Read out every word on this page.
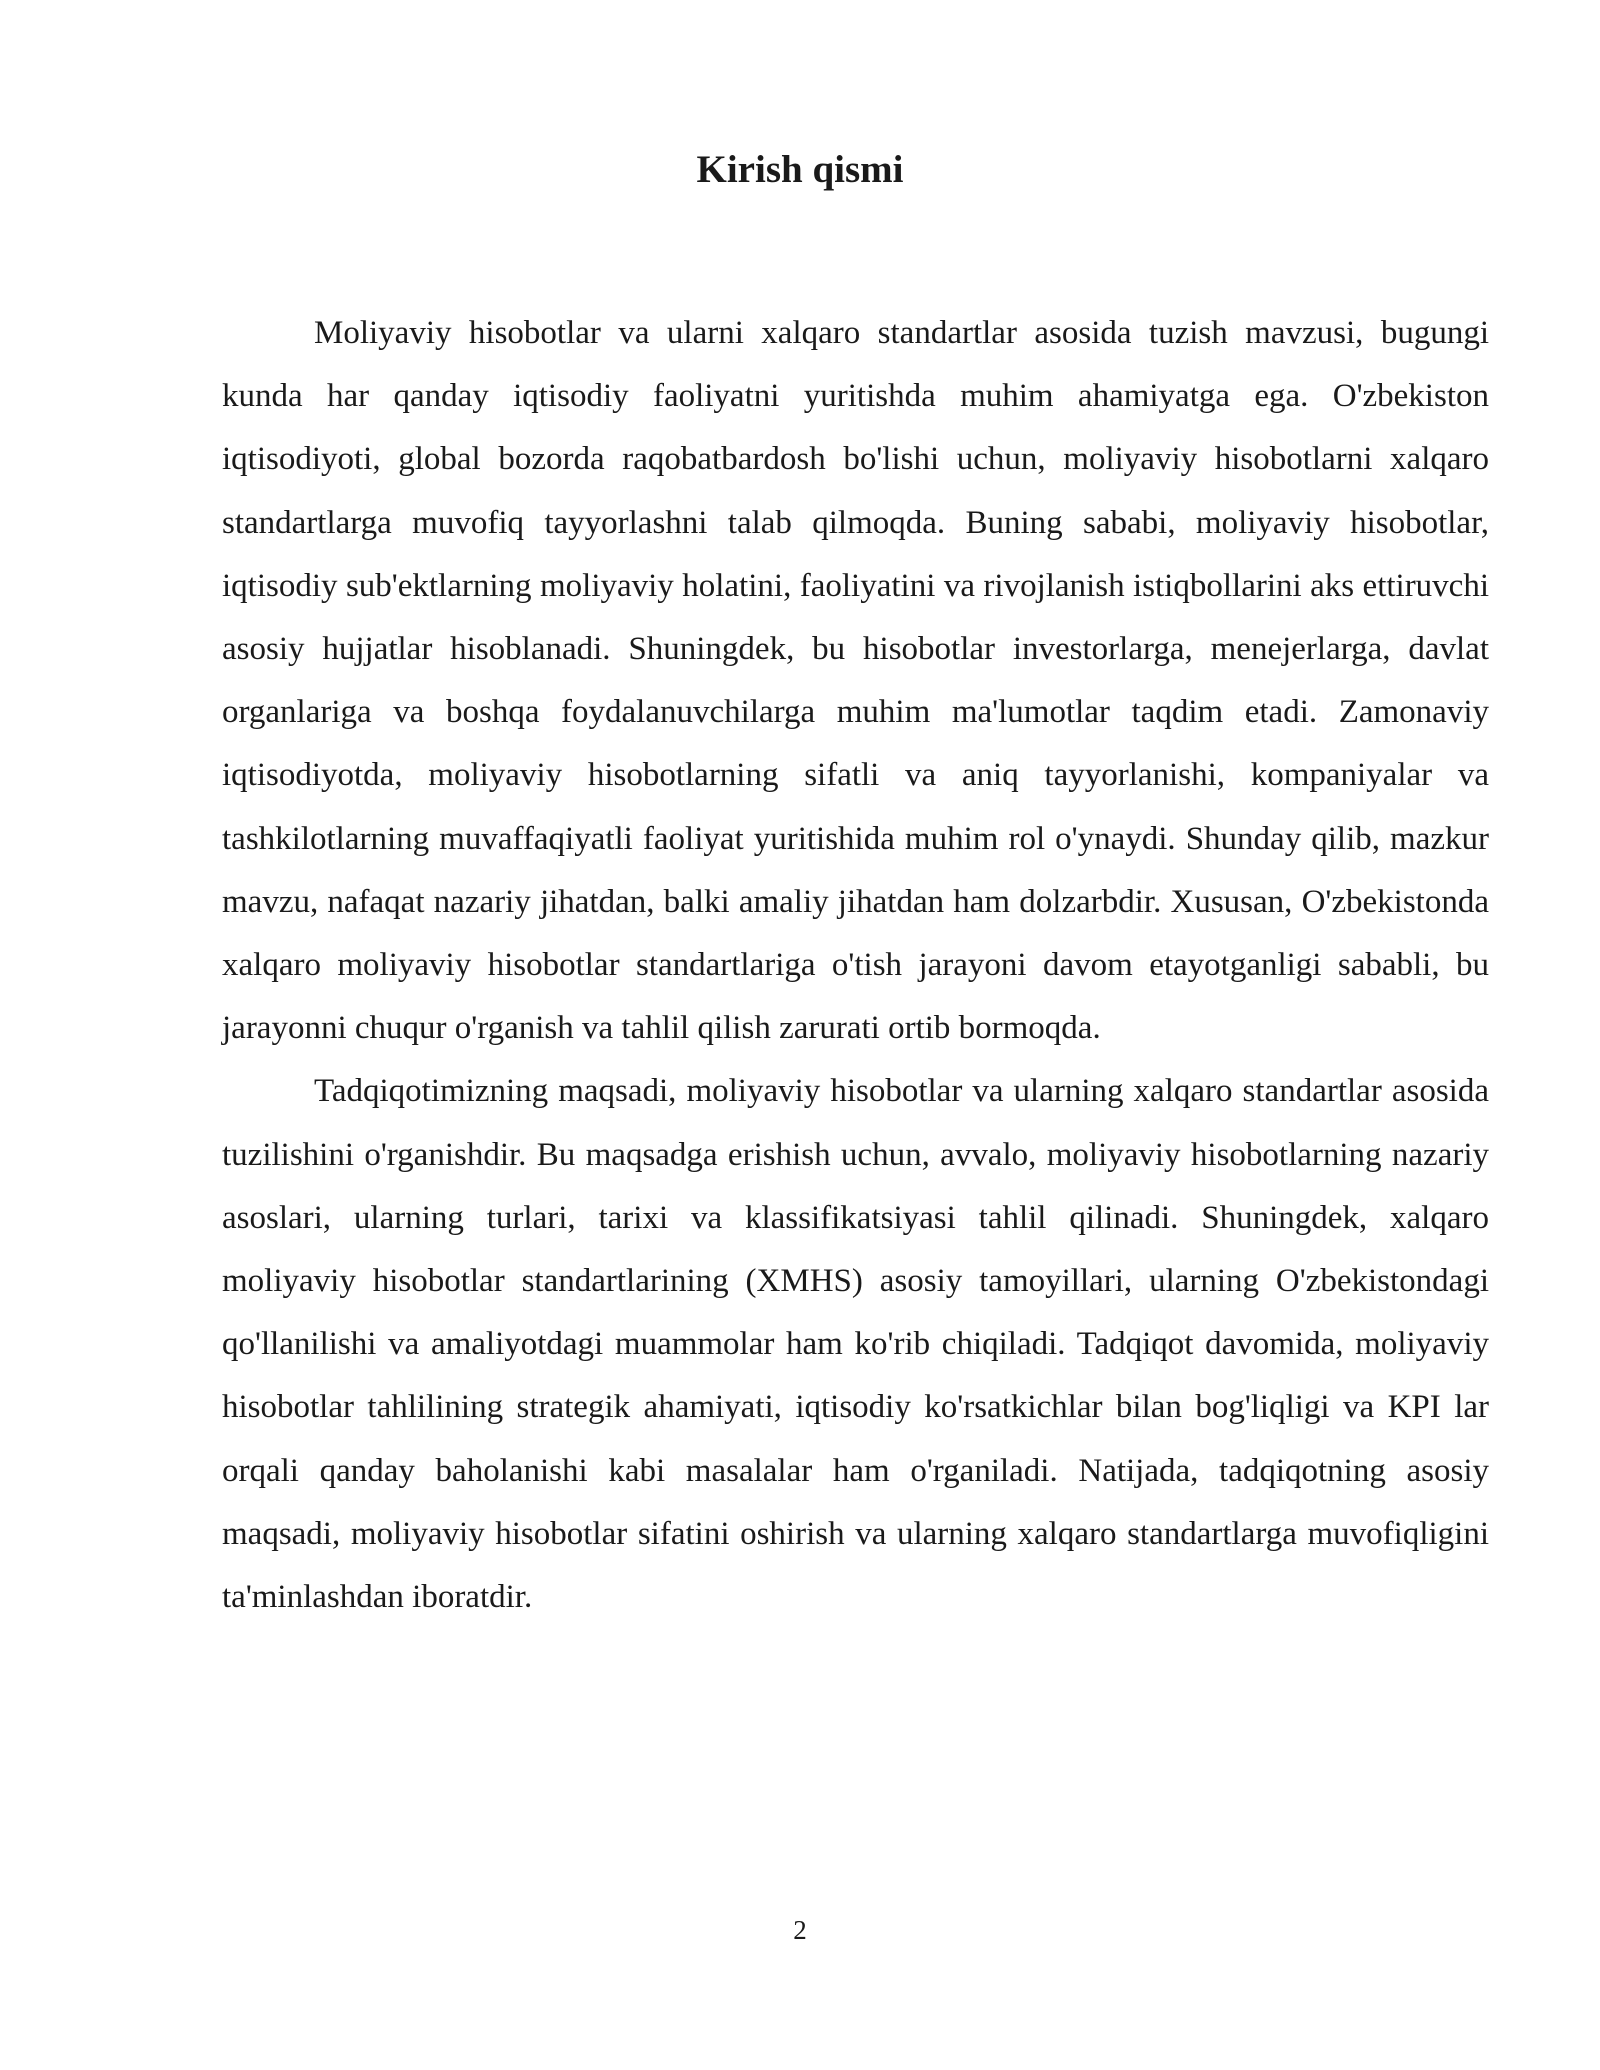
Kirish qismi

Moliyaviy hisobotlar va ularni xalqaro standartlar asosida tuzish mavzusi, bugungi kunda har qanday iqtisodiy faoliyatni yuritishda muhim ahamiyatga ega. O'zbekiston iqtisodiyoti, global bozorda raqobatbardosh bo'lishi uchun, moliyaviy hisobotlarni xalqaro standartlarga muvofiq tayyorlashni talab qilmoqda. Buning sababi, moliyaviy hisobotlar, iqtisodiy sub'ektlarning moliyaviy holatini, faoliyatini va rivojlanish istiqbollarini aks ettiruvchi asosiy hujjatlar hisoblanadi. Shuningdek, bu hisobotlar investorlarga, menejerlarga, davlat organlariga va boshqa foydalanuvchilarga muhim ma'lumotlar taqdim etadi. Zamonaviy iqtisodiyotda, moliyaviy hisobotlarning sifatli va aniq tayyorlanishi, kompaniyalar va tashkilotlarning muvaffaqiyatli faoliyat yuritishida muhim rol o'ynaydi. Shunday qilib, mazkur mavzu, nafaqat nazariy jihatdan, balki amaliy jihatdan ham dolzarbdir. Xususan, O'zbekistonda xalqaro moliyaviy hisobotlar standartlariga o'tish jarayoni davom etayotganligi sababli, bu jarayonni chuqur o'rganish va tahlil qilish zarurati ortib bormoqda.

Tadqiqotimizning maqsadi, moliyaviy hisobotlar va ularning xalqaro standartlar asosida tuzilishini o'rganishdir. Bu maqsadga erishish uchun, avvalo, moliyaviy hisobotlarning nazariy asoslari, ularning turlari, tarixi va klassifikatsiyasi tahlil qilinadi. Shuningdek, xalqaro moliyaviy hisobotlar standartlarining (XMHS) asosiy tamoyillari, ularning O'zbekistondagi qo'llanilishi va amaliyotdagi muammolar ham ko'rib chiqiladi. Tadqiqot davomida, moliyaviy hisobotlar tahlilining strategik ahamiyati, iqtisodiy ko'rsatkichlar bilan bog'liqligi va KPI lar orqali qanday baholanishi kabi masalalar ham o'rganiladi. Natijada, tadqiqotning asosiy maqsadi, moliyaviy hisobotlar sifatini oshirish va ularning xalqaro standartlarga muvofiqligini ta'minlashdan iboratdir.

2
